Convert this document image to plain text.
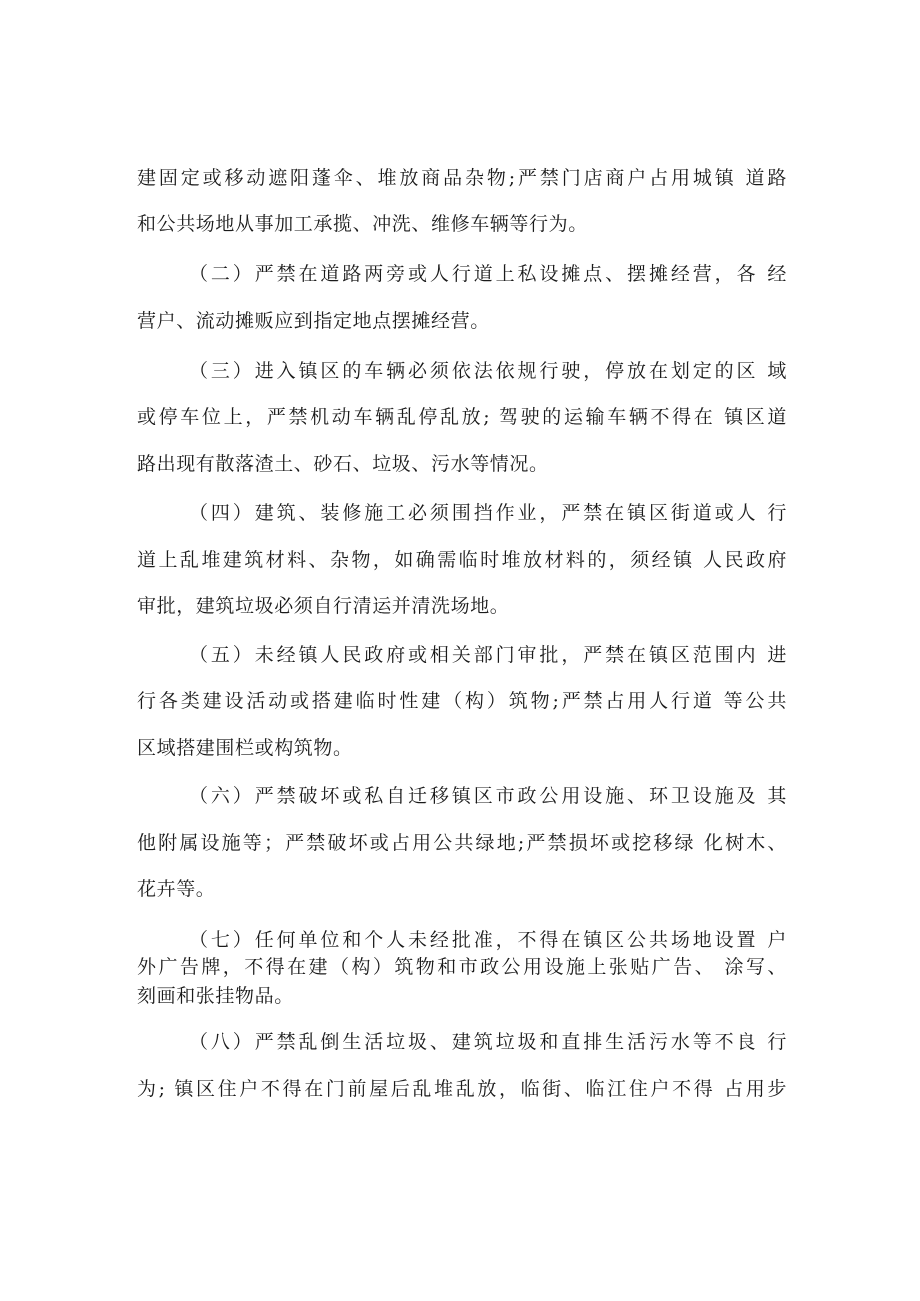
建固定或移动遮阳蓬伞、堆放商品杂物;严禁门店商户占用城镇 道路
和公共场地从事加工承揽、冲洗、维修车辆等行为。
（二）严禁在道路两旁或人行道上私设摊点、摆摊经营，各 经
营户、流动摊贩应到指定地点摆摊经营。
（三）进入镇区的车辆必须依法依规行驶，停放在划定的区 域
或停车位上，严禁机动车辆乱停乱放; 驾驶的运输车辆不得在 镇区道
路出现有散落渣土、砂石、垃圾、污水等情况。
（四）建筑、装修施工必须围挡作业，严禁在镇区街道或人 行
道上乱堆建筑材料、杂物，如确需临时堆放材料的，须经镇 人民政府
审批，建筑垃圾必须自行清运并清洗场地。
（五）未经镇人民政府或相关部门审批，严禁在镇区范围内 进
行各类建设活动或搭建临时性建（构）筑物;严禁占用人行道 等公共
区域搭建围栏或构筑物。
（六）严禁破坏或私自迁移镇区市政公用设施、环卫设施及 其
他附属设施等；严禁破坏或占用公共绿地;严禁损坏或挖移绿 化树木、
花卉等。
（七）任何单位和个人未经批准，不得在镇区公共场地设置 户
外广告牌，不得在建（构）筑物和市政公用设施上张贴广告、 涂写、
刻画和张挂物品。
（八）严禁乱倒生活垃圾、建筑垃圾和直排生活污水等不良 行
为; 镇区住户不得在门前屋后乱堆乱放，临街、临江住户不得 占用步
